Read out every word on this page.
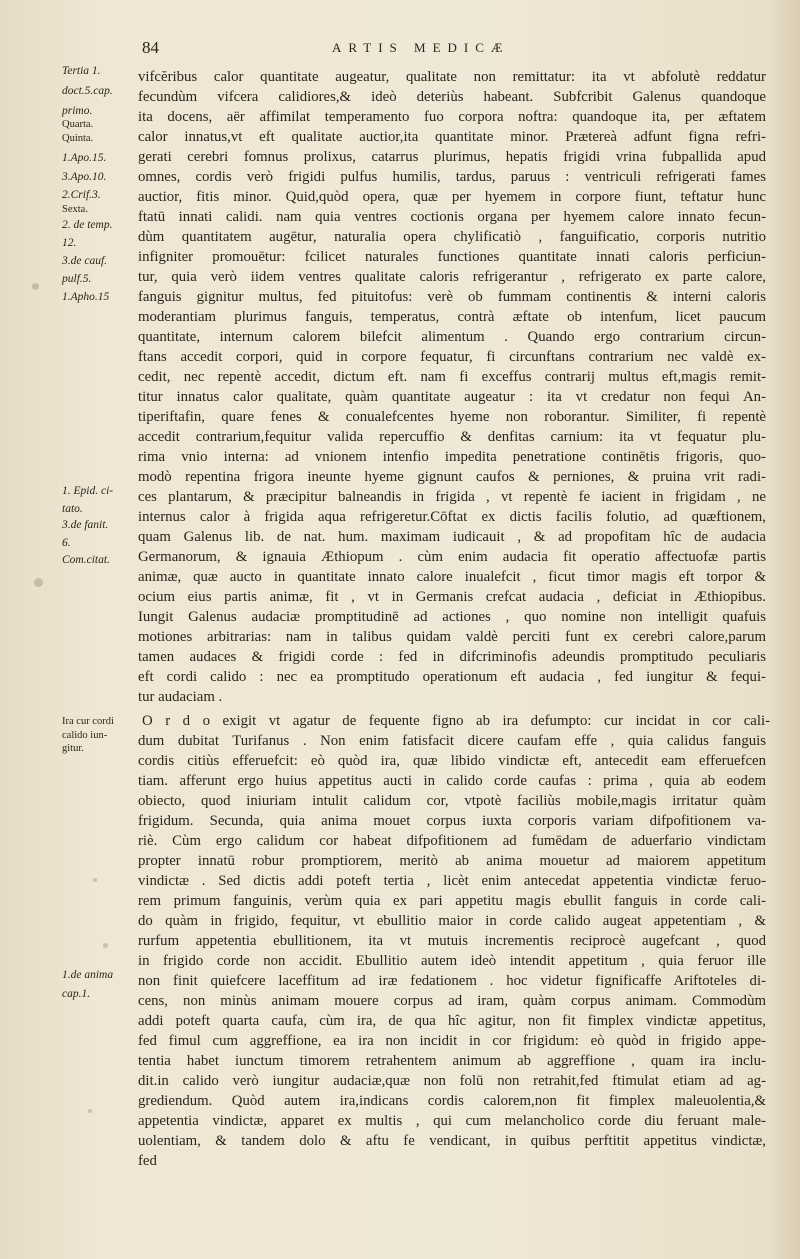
84	ARTIS MEDICÆ
Tertia 1.
doct.5.cap.
primo.
Quarta.
Quinta.
1.Apo.15.
3.Apo.10.
2.Crif.3.
Sexta.
2. de temp.
12.
3.de cauf.
pulf.5.
1.Apho.15
1. Epid. ci-
tato.
3.de fanit.
6.
Com.citat.
Ira cur cordi
calido iun-
gitur.
1.de anima
cap.1.
vifcĕribus calor quantitate augeatur, qualitate non remittatur: ita vt abfolutè reddatur
fecundùm vifcera calidiores,& ideò deteriùs habeant. Subfcribit Galenus quandoque
ita docens, aër affimilat temperamento fuo corpora noftra: quandoque ita, per æftatem
calor innatus,vt eft qualitate auctior,ita quantitate minor. Prætereà adfunt figna refri-
gerati cerebri fomnus prolixus, catarrus plurimus, hepatis frigidi vrina fubpallida apud
omnes, cordis verò frigidi pulfus humilis, tardus, paruus : ventriculi refrigerati fames
auctior, fitis minor. Quid,quòd opera, quæ per hyemem in corpore fiunt, teftatur hunc
ftatū innati calidi. nam quia ventres coctionis organa per hyemem calore innato fecun-
dùm quantitatem augētur, naturalia opera chylificatiò , fanguificatio, corporis nutritio
infigniter promouētur: fcilicet naturales functiones quantitate innati caloris perficiun-
tur, quia verò iidem ventres qualitate caloris refrigerantur , refrigerato ex parte calore,
fanguis gignitur multus, fed pituitofus: verè ob fummam continentis & interni caloris
moderantiam plurimus fanguis, temperatus, contrà æftate ob intenfum, licet paucum
quantitate, internum calorem bilefcit alimentum . Quando ergo contrarium circun-
ftans accedit corpori, quid in corpore fequatur, fi circunftans contrarium nec valdè ex-
cedit, nec repentè accedit, dictum eft. nam fi exceffus contrarij multus eft,magis remit-
titur innatus calor qualitate, quàm quantitate augeatur : ita vt credatur non fequi An-
tiperiftafin, quare fenes & conualefcentes hyeme non roborantur. Similiter, fi repentè
accedit contrarium,fequitur valida repercuffio & denfitas carnium: ita vt fequatur plu-
rima vnio interna: ad vnionem intenfio impedita penetratione continētis frigoris, quo-
modò repentina frigora ineunte hyeme gignunt caufos & perniones, & pruina vrit radi-
ces plantarum, & præcipitur balneandis in frigida , vt repentè fe iacient in frigidam , ne
internus calor à frigida aqua refrigeretur.Cōftat ex dictis facilis folutio, ad quæftionem,
quam Galenus lib. de nat. hum. maximam iudicauit , & ad propofitam hîc de audacia
Germanorum, & ignauia Æthiopum . cùm enim audacia fit operatio affectuofæ partis
animæ, quæ aucto in quantitate innato calore inualefcit , ficut timor magis eft torpor &
ocium eius partis animæ, fit , vt in Germanis crefcat audacia , deficiat in Æthiopibus.
Iungit Galenus audaciæ promptitudinē ad actiones , quo nomine non intelligit quafuis
motiones arbitrarias: nam in talibus quidam valdè perciti funt ex cerebri calore,parum
tamen audaces & frigidi corde : fed in difcriminofis adeundis promptitudo peculiaris
eft cordi calido : nec ea promptitudo operationum eft audacia , fed iungitur & fequi-
tur audaciam .
O r d o exigit vt agatur de fequente figno ab ira defumpto: cur incidat in cor cali-
dum dubitat Turifanus . Non enim fatisfacit dicere caufam effe , quia calidus fanguis
cordis citiùs efferuefcit: eò quòd ira, quæ libido vindictæ eft, antecedit eam efferuefcen
tiam. afferunt ergo huius appetitus aucti in calido corde caufas : prima , quia ab eodem
obiecto, quod iniuriam intulit calidum cor, vtpotè faciliùs mobile,magis irritatur quàm
frigidum. Secunda, quia anima mouet corpus iuxta corporis variam difpofitionem va-
riè. Cùm ergo calidum cor habeat difpofitionem ad fumēdam de aduerfario vindictam
propter innatū robur promptiorem, meritò ab anima mouetur ad maiorem appetitum
vindictæ . Sed dictis addi poteft tertia , licèt enim antecedat appetentia vindictæ feruo-
rem primum fanguinis, verùm quia ex pari appetitu magis ebullit fanguis in corde cali-
do quàm in frigido, fequitur, vt ebullitio maior in corde calido augeat appetentiam , &
rurfum appetentia ebullitionem, ita vt mutuis incrementis reciprocè augefcant , quod
in frigido corde non accidit. Ebullitio autem ideò intendit appetitum , quia feruor ille
non finit quiefcere laceffitum ad iræ fedationem . hoc videtur fignificaffe Ariftoteles di-
cens, non minùs animam mouere corpus ad iram, quàm corpus animam. Commodùm
addi poteft quarta caufa, cùm ira, de qua hîc agitur, non fit fimplex vindictæ appetitus,
fed fimul cum aggreffione, ea ira non incidit in cor frigidum: eò quòd in frigido appe-
tentia habet iunctum timorem retrahentem animum ab aggreffione , quam ira inclu-
dit.in calido verò iungitur audaciæ,quæ non folū non retrahit,fed ftimulat etiam ad ag-
grediendum. Quòd autem ira,indicans cordis calorem,non fit fimplex maleuolentia,&
appetentia vindictæ, apparet ex multis , qui cum melancholico corde diu feruant male-
uolentiam, & tandem dolo & aftu fe vendicant, in quibus perftitit appetitus vindictæ,
fed
